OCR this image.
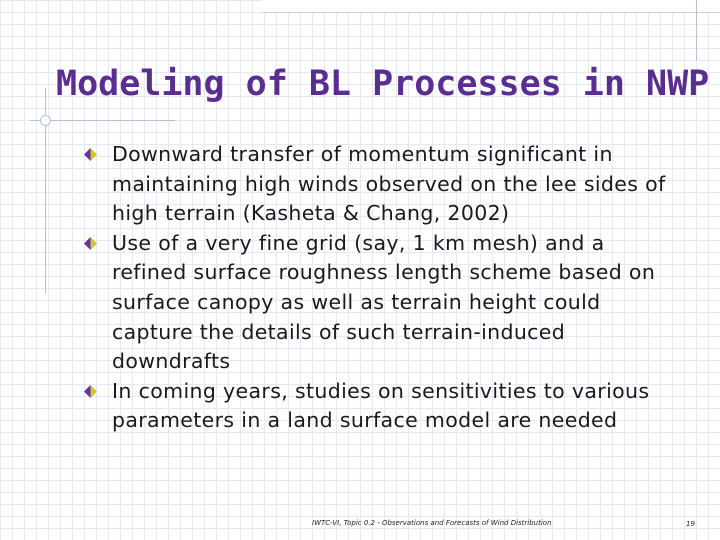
Modeling of BL Processes in NWP
Downward transfer of momentum significant in maintaining high winds observed on the lee sides of high terrain (Kasheta & Chang, 2002)
Use of a very fine grid (say, 1 km mesh) and a refined surface roughness length scheme based on surface canopy as well as terrain height could capture the details of such terrain-induced downdrafts
In coming years, studies on sensitivities to various parameters in a land surface model are needed
IWTC-VI, Topic 0.2 - Observations and Forecasts of Wind Distribution	19
